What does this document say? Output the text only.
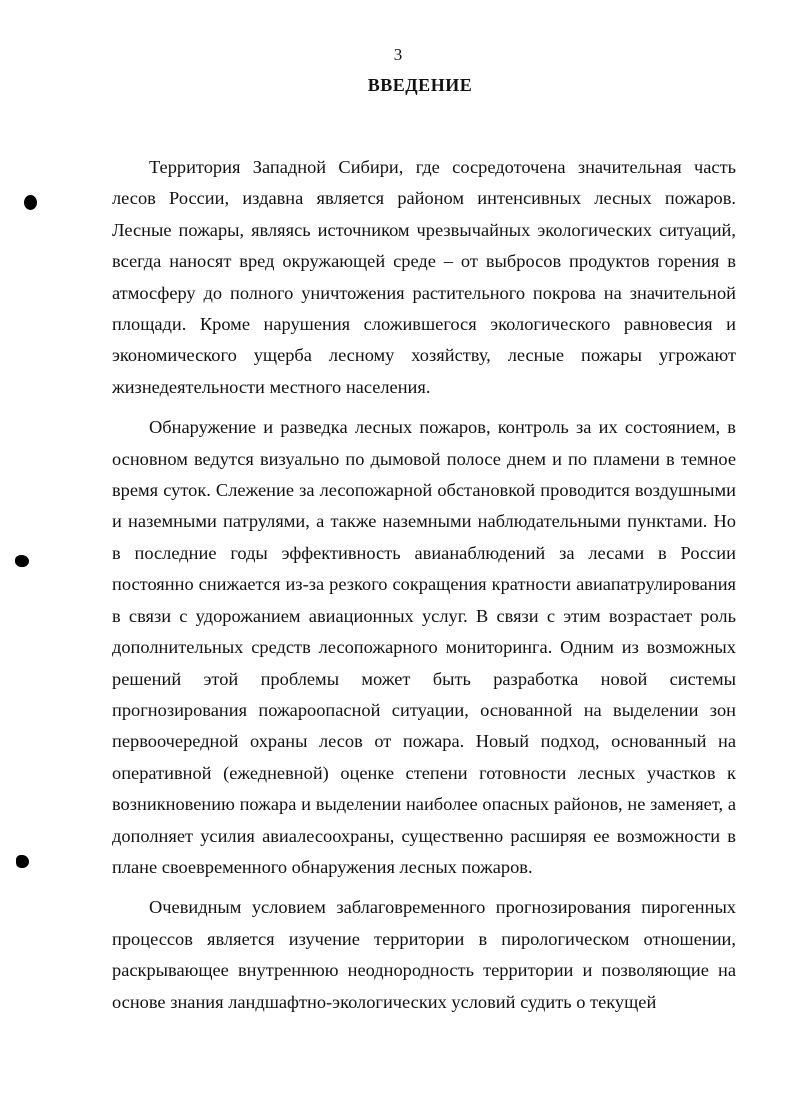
3
ВВЕДЕНИЕ

Территория Западной Сибири, где сосредоточена значительная часть лесов России, издавна является районом интенсивных лесных пожаров. Лесные пожары, являясь источником чрезвычайных экологических ситуаций, всегда наносят вред окружающей среде – от выбросов продуктов горения в атмосферу до полного уничтожения растительного покрова на значительной площади. Кроме нарушения сложившегося экологического равновесия и экономического ущерба лесному хозяйству, лесные пожары угрожают жизнедеятельности местного населения.

Обнаружение и разведка лесных пожаров, контроль за их состоянием, в основном ведутся визуально по дымовой полосе днем и по пламени в темное время суток. Слежение за лесопожарной обстановкой проводится воздушными и наземными патрулями, а также наземными наблюдательными пунктами. Но в последние годы эффективность авианаблюдений за лесами в России постоянно снижается из-за резкого сокращения кратности авиапатрулирования в связи с удорожанием авиационных услуг. В связи с этим возрастает роль дополнительных средств лесопожарного мониторинга. Одним из возможных решений этой проблемы может быть разработка новой системы прогнозирования пожароопасной ситуации, основанной на выделении зон первоочередной охраны лесов от пожара. Новый подход, основанный на оперативной (ежедневной) оценке степени готовности лесных участков к возникновению пожара и выделении наиболее опасных районов, не заменяет, а дополняет усилия авиалесоохраны, существенно расширяя ее возможности в плане своевременного обнаружения лесных пожаров.

Очевидным условием заблаговременного прогнозирования пирогенных процессов является изучение территории в пирологическом отношении, раскрывающее внутреннюю неоднородность территории и позволяющие на основе знания ландшафтно-экологических условий судить о текущей
